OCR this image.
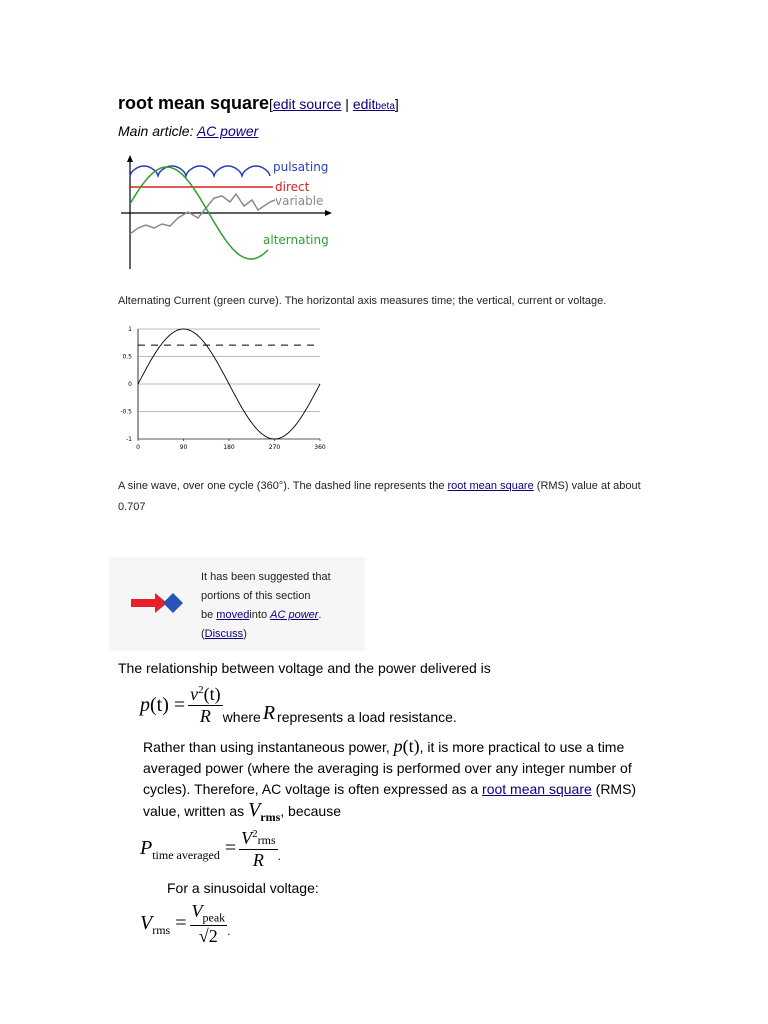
root mean square[edit source | editbeta]
Main article: AC power
pulsating
direct
variable
alternating
Alternating Current (green curve). The horizontal axis measures time; the vertical, current or voltage.
1
0.5
0
-0.5
-1
0	90	180	270	360
A sine wave, over one cycle (360°). The dashed line represents the root mean square (RMS) value at about
0.707
It has been suggested that
portions of this section
be movedinto AC power.
(Discuss)
The relationship between voltage and the power delivered is
$p(t) = \frac{v^2(t)}{R}$ where R represents a load resistance.
Rather than using instantaneous power, p(t), it is more practical to use a time
averaged power (where the averaging is performed over any integer number of
cycles). Therefore, AC voltage is often expressed as a root mean square (RMS)
value, written as $V_{rms}$, because
$P_{time averaged} = \frac{V^2rms}{R}$ .
For a sinusoidal voltage:
$V_{rms} = \frac{V_{peak}}{√2}$ .
